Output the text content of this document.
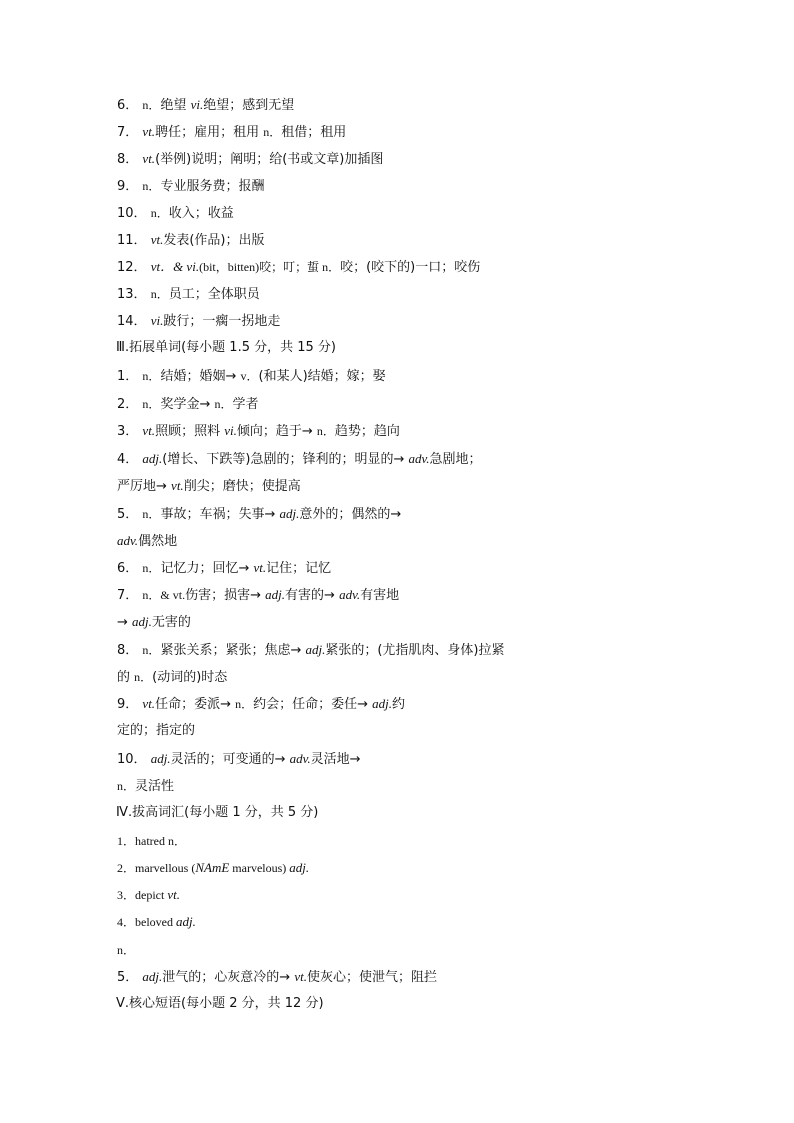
6． n．绝望 vi.绝望；感到无望
7． vt.聘任；雇用；租用 n．租借；租用
8． vt.(举例)说明；阐明；给(书或文章)加插图
9． n．专业服务费；报酬
10． n．收入；收益
11． vt.发表(作品)；出版
12． vt．& vi.(bit，bitten)咬；叮；蜇 n．咬；(咬下的)一口；咬伤
13． n．员工；全体职员
14． vi.跛行；一瘸一拐地走
Ⅲ.拓展单词(每小题 1.5 分，共 15 分)
1． n．结婚；婚姻→ v．(和某人)结婚；嫁；娶
2． n．奖学金→ n．学者
3． vt.照顾；照料 vi.倾向；趋于→ n．趋势；趋向
4． adj.(增长、下跌等)急剧的；锋利的；明显的→ adv.急剧地；
严厉地→ vt.削尖；磨快；使提高
5． n．事故；车祸；失事→ adj.意外的；偶然的→
adv.偶然地
6． n．记忆力；回忆→ vt.记住；记忆
7． n．& vt.伤害；损害→ adj.有害的→ adv.有害地
→ adj.无害的
8． n．紧张关系；紧张；焦虑→ adj.紧张的；(尤指肌肉、身体)拉紧
的 n．(动词的)时态
9． vt.任命；委派→ n．约会；任命；委任→ adj.约
定的；指定的
10． adj.灵活的；可变通的→ adv.灵活地→
n．灵活性
Ⅳ.拔高词汇(每小题 1 分，共 5 分)
1．hatred n．
2．marvellous (NAmE marvelous) adj.
3．depict vt.
4．beloved adj.
n．
5． adj.泄气的；心灰意冷的→ vt.使灰心；使泄气；阻拦
Ⅴ.核心短语(每小题 2 分，共 12 分)
